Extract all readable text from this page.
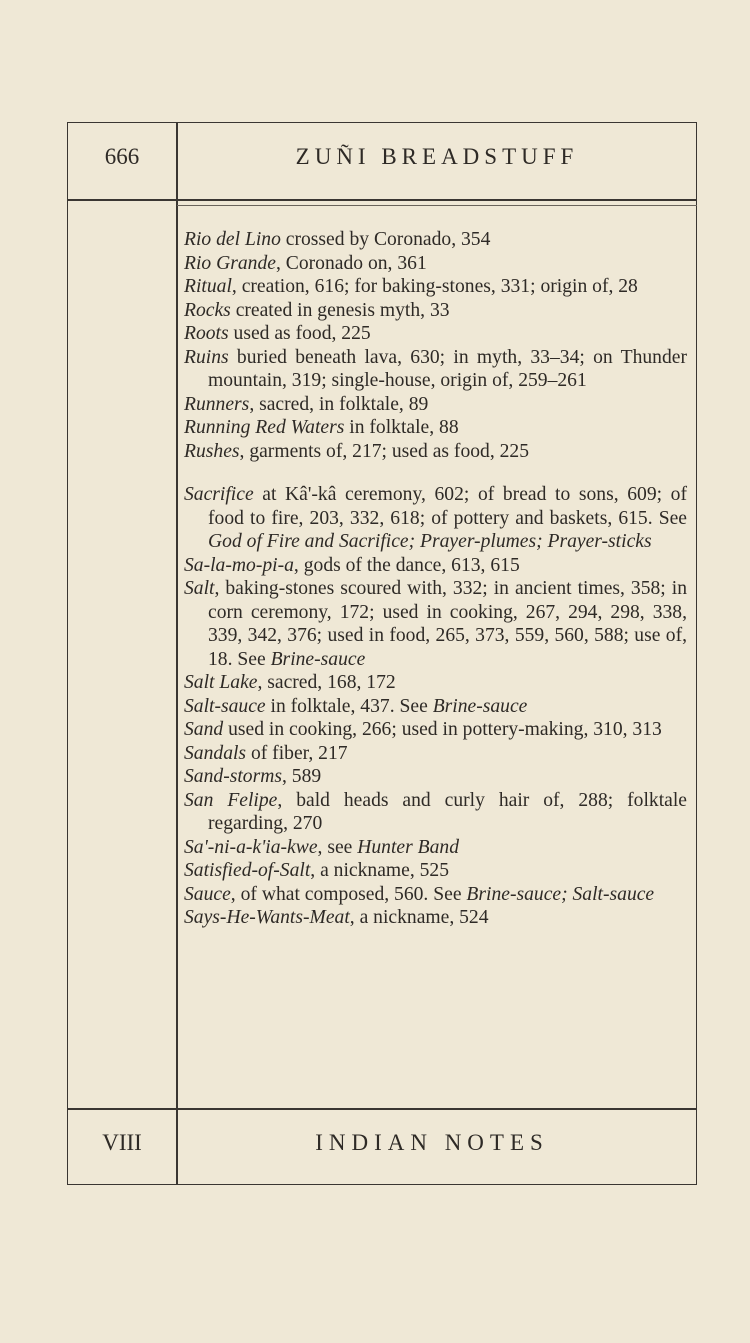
666	ZUÑI BREADSTUFF
Rio del Lino crossed by Coronado, 354
Rio Grande, Coronado on, 361
Ritual, creation, 616; for baking-stones, 331; origin of, 28
Rocks created in genesis myth, 33
Roots used as food, 225
Ruins buried beneath lava, 630; in myth, 33–34; on Thunder mountain, 319; single-house, origin of, 259–261
Runners, sacred, in folktale, 89
Running Red Waters in folktale, 88
Rushes, garments of, 217; used as food, 225
Sacrifice at Kâ'-kâ ceremony, 602; of bread to sons, 609; of food to fire, 203, 332, 618; of pottery and baskets, 615. See God of Fire and Sacrifice; Prayer-plumes; Prayer-sticks
Sa-la-mo-pi-a, gods of the dance, 613, 615
Salt, baking-stones scoured with, 332; in ancient times, 358; in corn ceremony, 172; used in cooking, 267, 294, 298, 338, 339, 342, 376; used in food, 265, 373, 559, 560, 588; use of, 18. See Brine-sauce
Salt Lake, sacred, 168, 172
Salt-sauce in folktale, 437. See Brine-sauce
Sand used in cooking, 266; used in pottery-making, 310, 313
Sandals of fiber, 217
Sand-storms, 589
San Felipe, bald heads and curly hair of, 288; folktale regarding, 270
Sa'-ni-a-k'ia-kwe, see Hunter Band
Satisfied-of-Salt, a nickname, 525
Sauce, of what composed, 560. See Brine-sauce; Salt-sauce
Says-He-Wants-Meat, a nickname, 524
VIII	INDIAN NOTES
